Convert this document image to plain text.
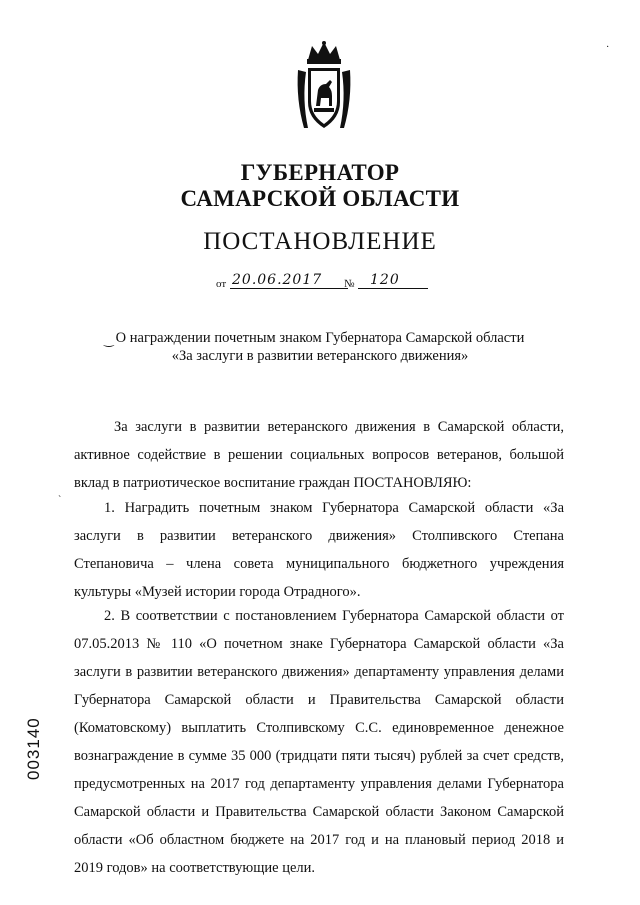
ГУБЕРНАТОР
САМАРСКОЙ ОБЛАСТИ
ПОСТАНОВЛЕНИЕ
от 20.06.2017 № 120
О награждении почетным знаком Губернатора Самарской области
«За заслуги в развитии ветеранского движения»
‿

За заслуги в развитии ветеранского движения в Самарской области, активное содействие в решении социальных вопросов ветеранов, большой вклад в патриотическое воспитание граждан ПОСТАНОВЛЯЮ:

1. Наградить почетным знаком Губернатора Самарской области «За заслуги в развитии ветеранского движения» Столпивского Степана Степановича – члена совета муниципального бюджетного учреждения культуры «Музей истории города Отрадного».

2. В соответствии с постановлением Губернатора Самарской области от 07.05.2013 № 110 «О почетном знаке Губернатора Самарской области «За заслуги в развитии ветеранского движения» департаменту управления делами Губернатора Самарской области и Правительства Самарской области (Коматовскому) выплатить Столпивскому С.С. единовременное денежное вознаграждение в сумме 35 000 (тридцати пяти тысяч) рублей за счет средств, предусмотренных на 2017 год департаменту управления делами Губернатора Самарской области и Правительства Самарской области Законом Самарской области «Об областном бюджете на 2017 год и на плановый период 2018 и 2019 годов» на соответствующие цели.

ˋ
·
003140
